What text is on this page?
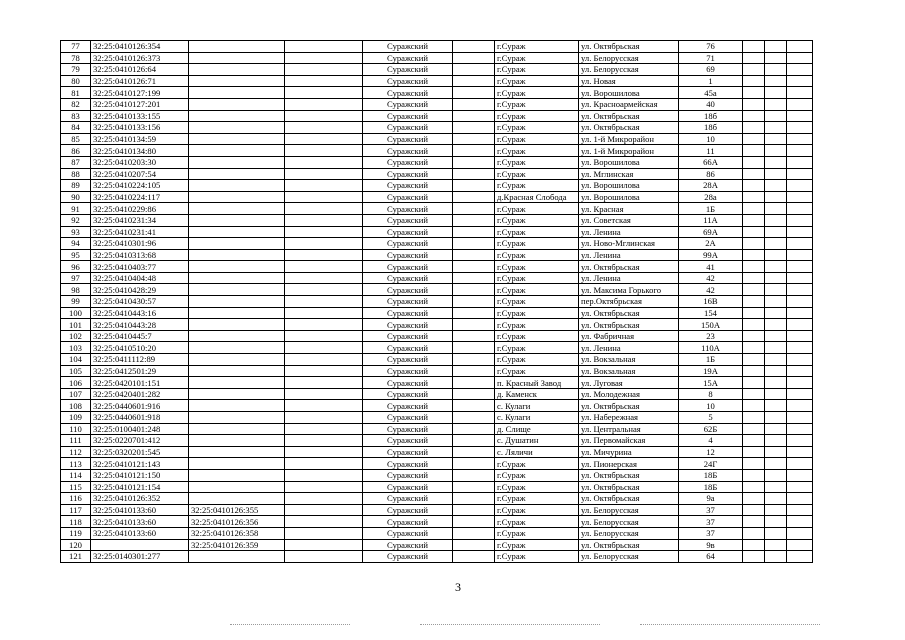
77	32:25:0410126:354			Суражский		г.Сураж	ул. Октябрьская	76			
78	32:25:0410126:373			Суражский		г.Сураж	ул. Белорусская	71			
79	32:25:0410126:64			Суражский		г.Сураж	ул. Белорусская	69			
80	32:25:0410126:71			Суражский		г.Сураж	ул. Новая	1			
81	32:25:0410127:199			Суражский		г.Сураж	ул. Ворошилова	45а			
82	32:25:0410127:201			Суражский		г.Сураж	ул. Красноармейская	40			
83	32:25:0410133:155			Суражский		г.Сураж	ул. Октябрьская	18б			
84	32:25:0410133:156			Суражский		г.Сураж	ул. Октябрьская	18б			
85	32:25:0410134:59			Суражский		г.Сураж	ул. 1-й Микрорайон	10			
86	32:25:0410134:80			Суражский		г.Сураж	ул. 1-й Микрорайон	11			
87	32:25:0410203:30			Суражский		г.Сураж	ул. Ворошилова	66А			
88	32:25:0410207:54			Суражский		г.Сураж	ул. Мглинская	86			
89	32:25:0410224:105			Суражский		г.Сураж	ул. Ворошилова	28А			
90	32:25:0410224:117			Суражский		д.Красная Слобода	ул. Ворошилова	28а			
91	32:25:0410229:86			Суражский		г.Сураж	ул. Красная	1Б			
92	32:25:0410231:34			Суражский		г.Сураж	ул. Советская	11А			
93	32:25:0410231:41			Суражский		г.Сураж	ул. Ленина	69А			
94	32:25:0410301:96			Суражский		г.Сураж	ул. Ново-Мглинская	2А			
95	32:25:0410313:68			Суражский		г.Сураж	ул. Ленина	99А			
96	32:25:0410403:77			Суражский		г.Сураж	ул. Октябрьская	41			
97	32:25:0410404:48			Суражский		г.Сураж	ул. Ленина	42			
98	32:25:0410428:29			Суражский		г.Сураж	ул. Максима Горького	42			
99	32:25:0410430:57			Суражский		г.Сураж	пер.Октябрьская	16В			
100	32:25:0410443:16			Суражский		г.Сураж	ул. Октябрьская	154			
101	32:25:0410443:28			Суражский		г.Сураж	ул. Октябрьская	150А			
102	32:25:0410445:7			Суражский		г.Сураж	ул. Фабричная	23			
103	32:25:0410510:20			Суражский		г.Сураж	ул. Ленина	110А			
104	32:25:0411112:89			Суражский		г.Сураж	ул. Вокзальная	1Б			
105	32:25:0412501:29			Суражский		г.Сураж	ул. Вокзальная	19А			
106	32:25:0420101:151			Суражский		п. Красный Завод	ул. Луговая	15А			
107	32:25:0420401:282			Суражский		д. Каменск	ул. Молодежная	8			
108	32:25:0440601:916			Суражский		с. Кулаги	ул. Октябрьская	10			
109	32:25:0440601:918			Суражский		с. Кулаги	ул. Набережная	5			
110	32:25:0100401:248			Суражский		д. Слище	ул. Центральная	62Б			
111	32:25:0220701:412			Суражский		с. Душатин	ул. Первомайская	4			
112	32:25:0320201:545			Суражский		с. Ляличи	ул. Мичурина	12			
113	32:25:0410121:143			Суражский		г.Сураж	ул. Пионерская	24Г			
114	32:25:0410121:150			Суражский		г.Сураж	ул. Октябрьская	18Б			
115	32:25:0410121:154			Суражский		г.Сураж	ул. Октябрьская	18Б			
116	32:25:0410126:352			Суражский		г.Сураж	ул. Октябрьская	9а			
117	32:25:0410133:60	32:25:0410126:355		Суражский		г.Сураж	ул. Белорусская	37			
118	32:25:0410133:60	32:25:0410126:356		Суражский		г.Сураж	ул. Белорусская	37			
119	32:25:0410133:60	32:25:0410126:358		Суражский		г.Сураж	ул. Белорусская	37			
120		32:25:0410126:359		Суражский		г.Сураж	ул. Октябрьская	9в			
121	32:25:0140301:277			Суражский		г.Сураж	ул. Белорусская	64			
3
